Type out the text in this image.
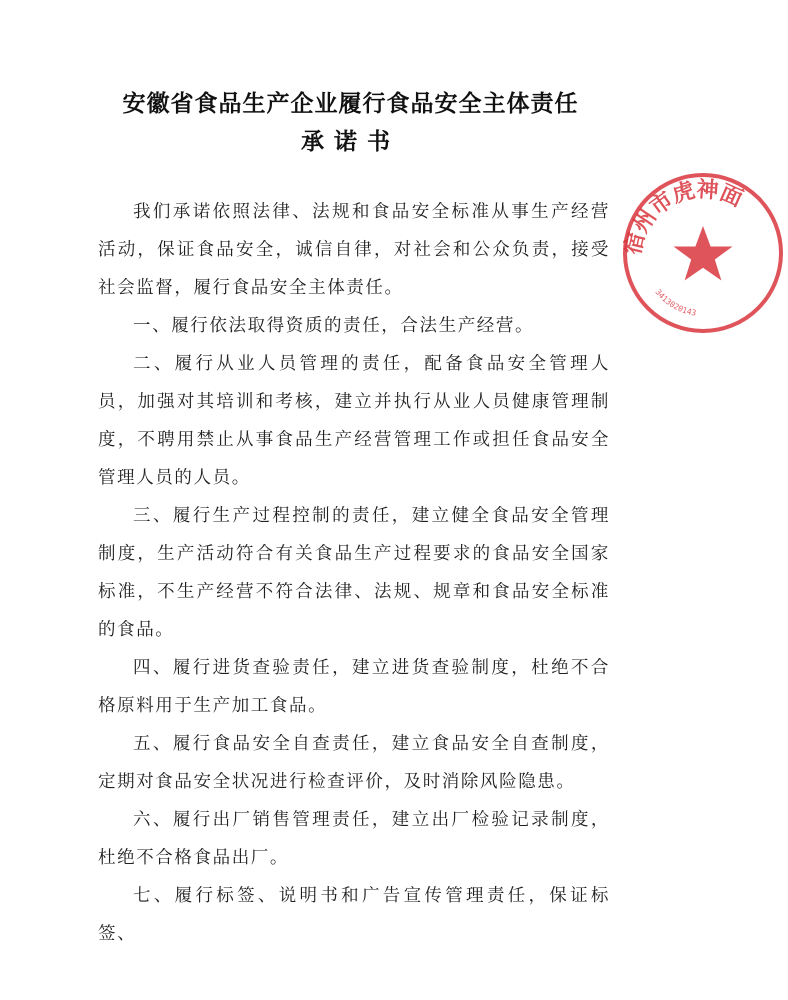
安徽省食品生产企业履行食品安全主体责任
承诺书

我们承诺依照法律、法规和食品安全标准从事生产经营活动，保证食品安全，诚信自律，对社会和公众负责，接受社会监督，履行食品安全主体责任。

一、履行依法取得资质的责任，合法生产经营。

二、履行从业人员管理的责任，配备食品安全管理人员，加强对其培训和考核，建立并执行从业人员健康管理制度，不聘用禁止从事食品生产经营管理工作或担任食品安全管理人员的人员。

三、履行生产过程控制的责任，建立健全食品安全管理制度，生产活动符合有关食品生产过程要求的食品安全国家标准，不生产经营不符合法律、法规、规章和食品安全标准的食品。

四、履行进货查验责任，建立进货查验制度，杜绝不合格原料用于生产加工食品。

五、履行食品安全自查责任，建立食品安全自查制度，定期对食品安全状况进行检查评价，及时消除风险隐患。

六、履行出厂销售管理责任，建立出厂检验记录制度，杜绝不合格食品出厂。

七、履行标签、说明书和广告宣传管理责任，保证标签、

宿州市虎神面
3413020143
